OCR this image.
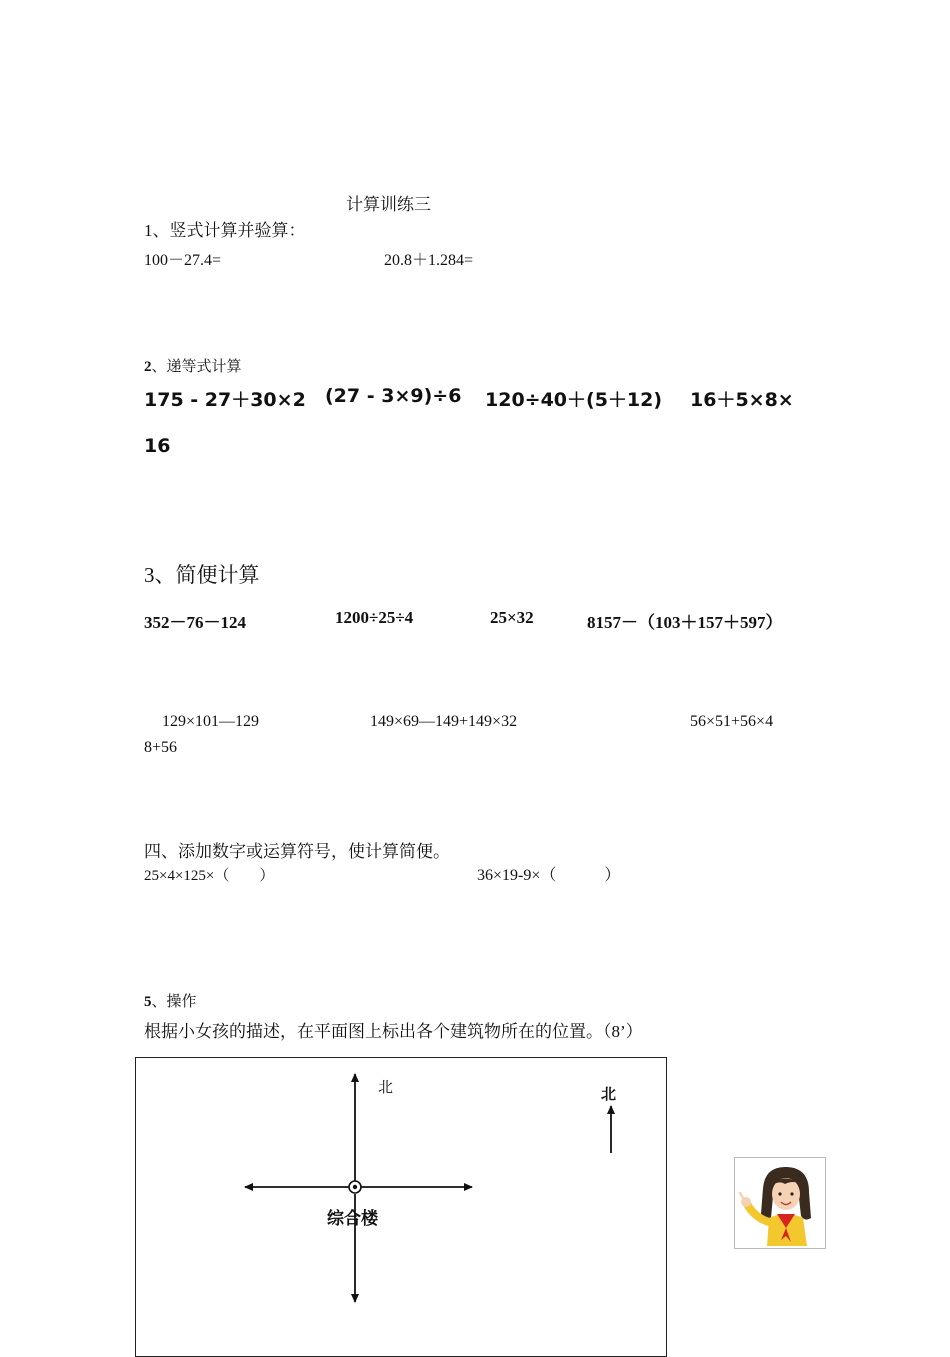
计算训练三
1、竖式计算并验算：
100－27.4=	20.8＋1.284=
2、递等式计算
175 - 27＋30×2 (27 - 3×9)÷6 120÷40＋(5＋12) 16＋5×8×
16
3、简便计算
352－76－124	1200÷25÷4	25×32	8157－（103＋157＋597）
129×101—129	149×69—149+149×32	56×51+56×4
8+56
四、添加数字或运算符号，使计算简便。
25×4×125×（　　）	36×19-9×（　　　）
5、操作
根据小女孩的描述，在平面图上标出各个建筑物所在的位置。（8’）
北	北
综合楼
